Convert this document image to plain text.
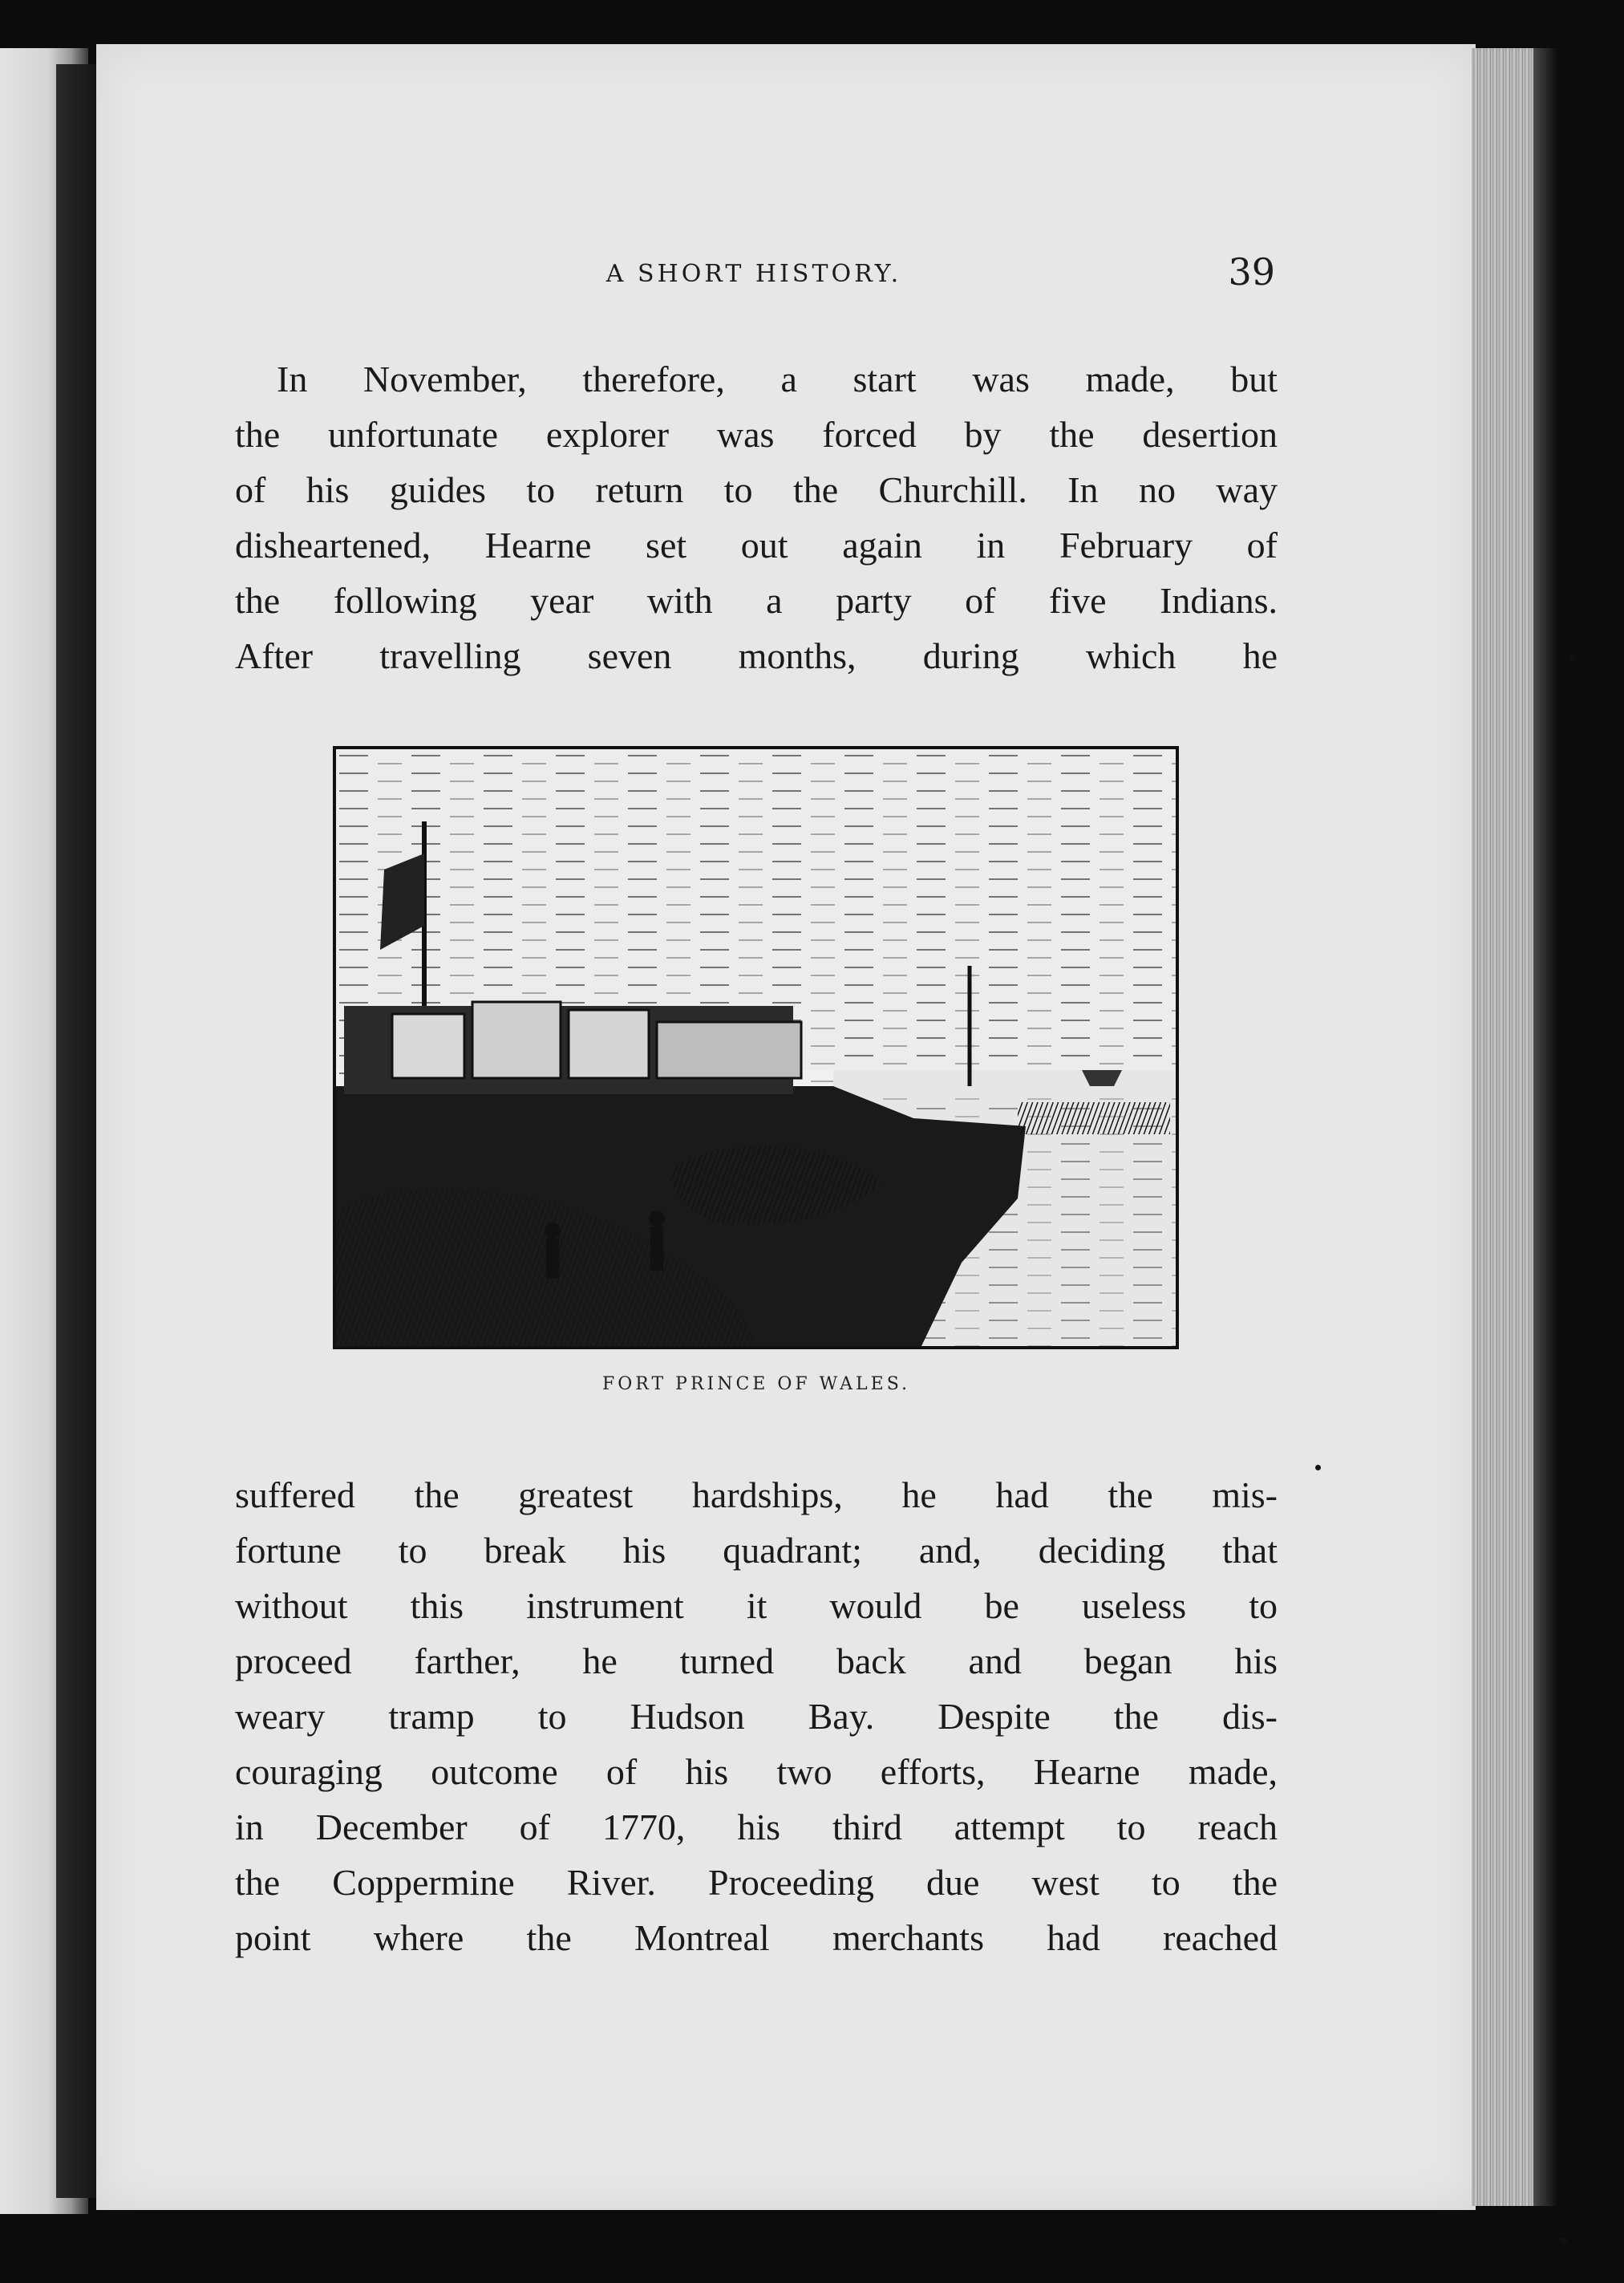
A SHORT HISTORY.	39
In November, therefore, a start was made, but
the unfortunate explorer was forced by the desertion
of his guides to return to the Churchill. In no way
disheartened, Hearne set out again in February of
the following year with a party of five Indians.
After travelling seven months, during which he
FORT PRINCE OF WALES.
suffered the greatest hardships, he had the mis-
fortune to break his quadrant; and, deciding that
without this instrument it would be useless to
proceed farther, he turned back and began his
weary tramp to Hudson Bay. Despite the dis-
couraging outcome of his two efforts, Hearne made,
in December of 1770, his third attempt to reach
the Coppermine River. Proceeding due west to the
point where the Montreal merchants had reached
